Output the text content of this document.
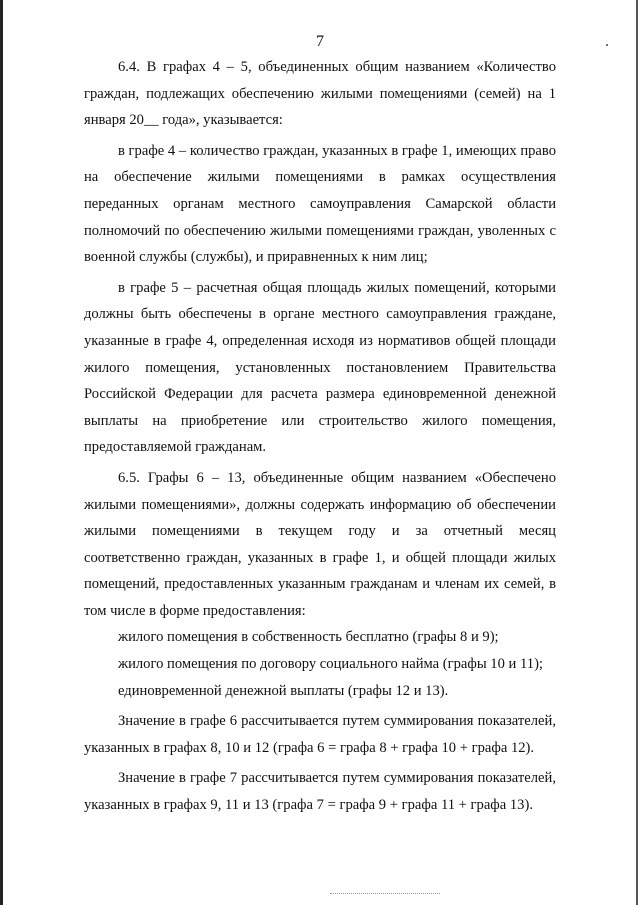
7

6.4. В графах 4 – 5, объединенных общим названием «Количество граждан, подлежащих обеспечению жилыми помещениями (семей) на 1 января 20__ года», указывается:

в графе 4 – количество граждан, указанных в графе 1, имеющих право на обеспечение жилыми помещениями в рамках осуществления переданных органам местного самоуправления Самарской области полномочий по обеспечению жилыми помещениями граждан, уволенных с военной службы (службы), и приравненных к ним лиц;

в графе 5 – расчетная общая площадь жилых помещений, которыми должны быть обеспечены в органе местного самоуправления граждане, указанные в графе 4, определенная исходя из нормативов общей площади жилого помещения, установленных постановлением Правительства Российской Федерации для расчета размера единовременной денежной выплаты на приобретение или строительство жилого помещения, предоставляемой гражданам.

6.5. Графы 6 – 13, объединенные общим названием «Обеспечено жилыми помещениями», должны содержать информацию об обеспечении жилыми помещениями в текущем году и за отчетный месяц соответственно граждан, указанных в графе 1, и общей площади жилых помещений, предоставленных указанным гражданам и членам их семей, в том числе в форме предоставления:

жилого помещения в собственность бесплатно (графы 8 и 9);

жилого помещения по договору социального найма (графы 10 и 11);

единовременной денежной выплаты (графы 12 и 13).

Значение в графе 6 рассчитывается путем суммирования показателей, указанных в графах 8, 10 и 12 (графа 6 = графа 8 + графа 10 + графа 12).

Значение в графе 7 рассчитывается путем суммирования показателей, указанных в графах 9, 11 и 13 (графа 7 = графа 9 + графа 11 + графа 13).
